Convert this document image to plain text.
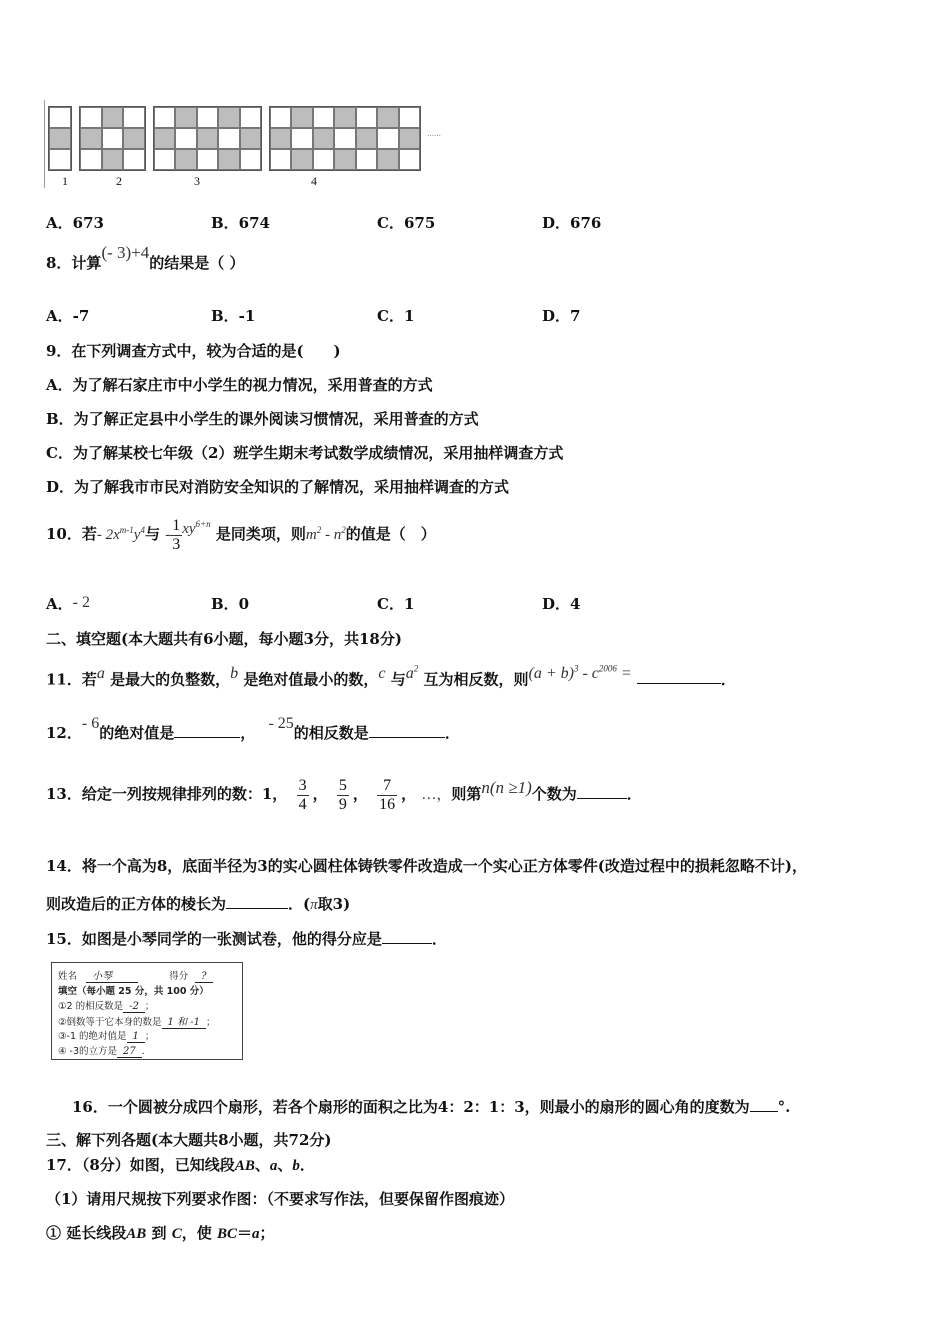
1	2	3	4
……
A．673	B．674	C．675	D．676
8．计算(- 3)+4的结果是（ ）
A．-7	B．-1	C．1	D．7
9．在下列调查方式中，较为合适的是(　　)
A．为了解石家庄市中小学生的视力情况，采用普查的方式
B．为了解正定县中小学生的课外阅读习惯情况，采用普查的方式
C．为了解某校七年级（2）班学生期末考试数学成绩情况，采用抽样调查方式
D．为了解我市市民对消防安全知识的了解情况，采用抽样调查的方式
10．若- $2x^{m-1}y^4$与 - $\frac{1}{3} xy^{6+n}$ 是同类项，则$m^2 - n^2$的值是（　）
A．- 2	B．0	C．1	D．4
二、填空题(本大题共有6小题，每小题3分，共18分)
11．若a 是最大的负整数，b 是绝对值最小的数，c 与$a^2$ 互为相反数，则$(a + b)^3 - c^{2006}$ =	．
12．- 6的绝对值是	， - 25的相反数是	．
13．给定一列按规律排列的数：1， $\frac{3}{4}$ ， $\frac{5}{9}$ ， $\frac{7}{16}$ ， …，则第n(n ≥1)个数为	．
14．将一个高为8，底面半径为3的实心圆柱体铸铁零件改造成一个实心正方体零件(改造过程中的损耗忽略不计)，
则改造后的正方体的棱长为	．(π取3)
15．如图是小琴同学的一张测试卷，他的得分应是	．
姓名 小琴	得分 ?
填空（每小题 25 分，共 100 分）
①2 的相反数是 -2 ；
②倒数等于它本身的数是 1 和 -1 ；
③-1 的绝对值是 1 ；
④ -3的立方是 27 ．
16．一个圆被分成四个扇形，若各个扇形的面积之比为4：2：1：3，则最小的扇形的圆心角的度数为 °.
三、解下列各题(本大题共8小题，共72分)
17．（8分）如图，已知线段AB、a、b．
（1）请用尺规按下列要求作图：（不要求写作法，但要保留作图痕迹）
① 延长线段AB 到 C，使 BC＝a；
